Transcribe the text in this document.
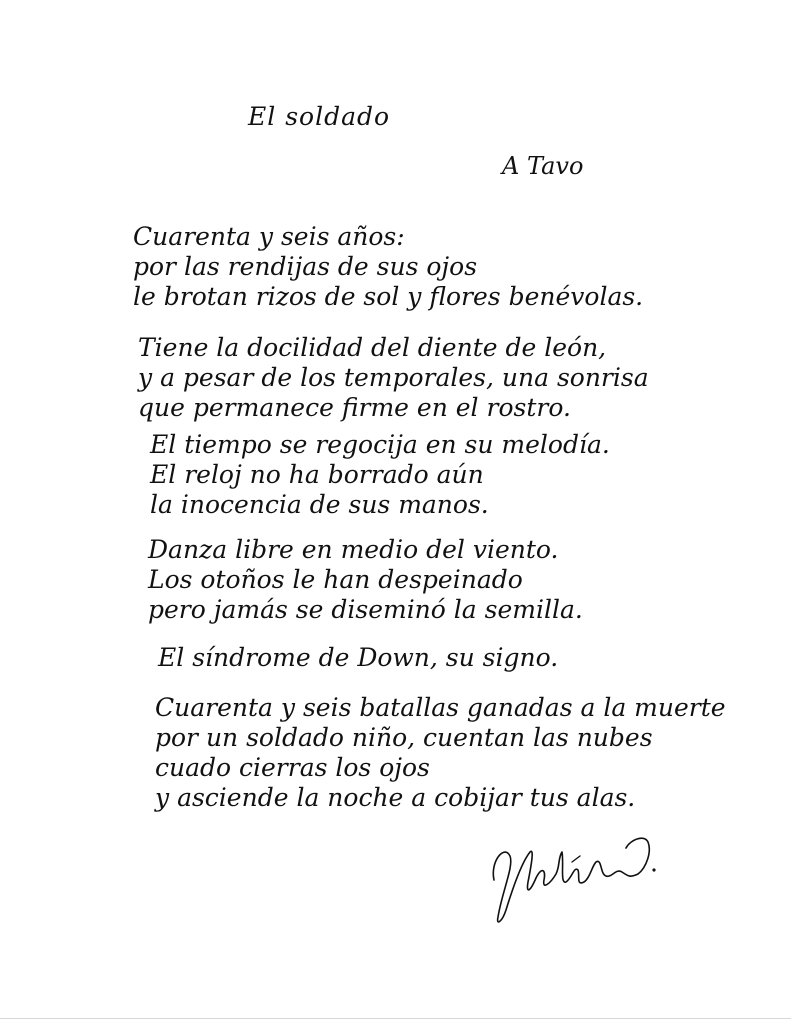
El soldado
A Tavo
Cuarenta y seis años:
por las rendijas de sus ojos
le brotan rizos de sol y flores benévolas.
Tiene la docilidad del diente de león,
y a pesar de los temporales, una sonrisa
que permanece firme en el rostro.
El tiempo se regocija en su melodía.
El reloj no ha borrado aún
la inocencia de sus manos.
Danza libre en medio del viento.
Los otoños le han despeinado
pero jamás se diseminó la semilla.
El síndrome de Down, su signo.
Cuarenta y seis batallas ganadas a la muerte
por un soldado niño, cuentan las nubes
cuado cierras los ojos
y asciende la noche a cobijar tus alas.
